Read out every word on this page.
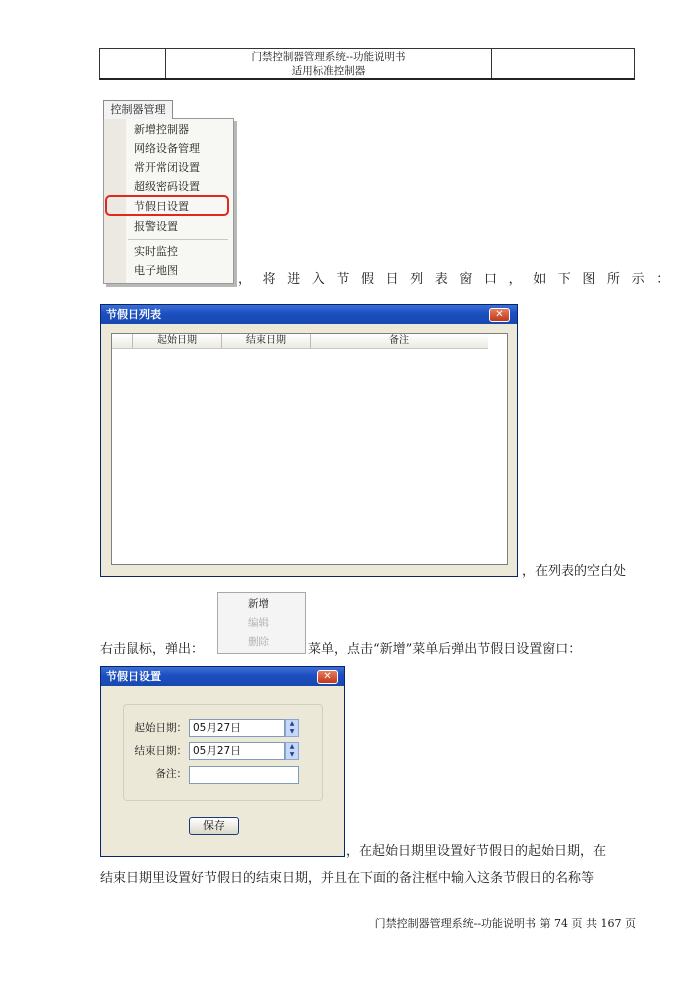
门禁控制器管理系统--功能说明书
适用标准控制器
控制器管理
新增控制器
网络设备管理
常开常闭设置
超级密码设置
节假日设置
报警设置
实时监控
电子地图
，将进入节假日列表窗口，如下图所示：
节假日列表	✕
起始日期	结束日期	备注
，在列表的空白处
新增
编辑
删除
右击鼠标，弹出：	菜单，点击“新增”菜单后弹出节假日设置窗口：
节假日设置	✕
起始日期： 05月27日	▲
▼
结束日期： 05月27日	▲
▼
备注：
保存
，在起始日期里设置好节假日的起始日期，在
结束日期里设置好节假日的结束日期，并且在下面的备注框中输入这条节假日的名称等
门禁控制器管理系统--功能说明书 第 74 页 共 167 页
